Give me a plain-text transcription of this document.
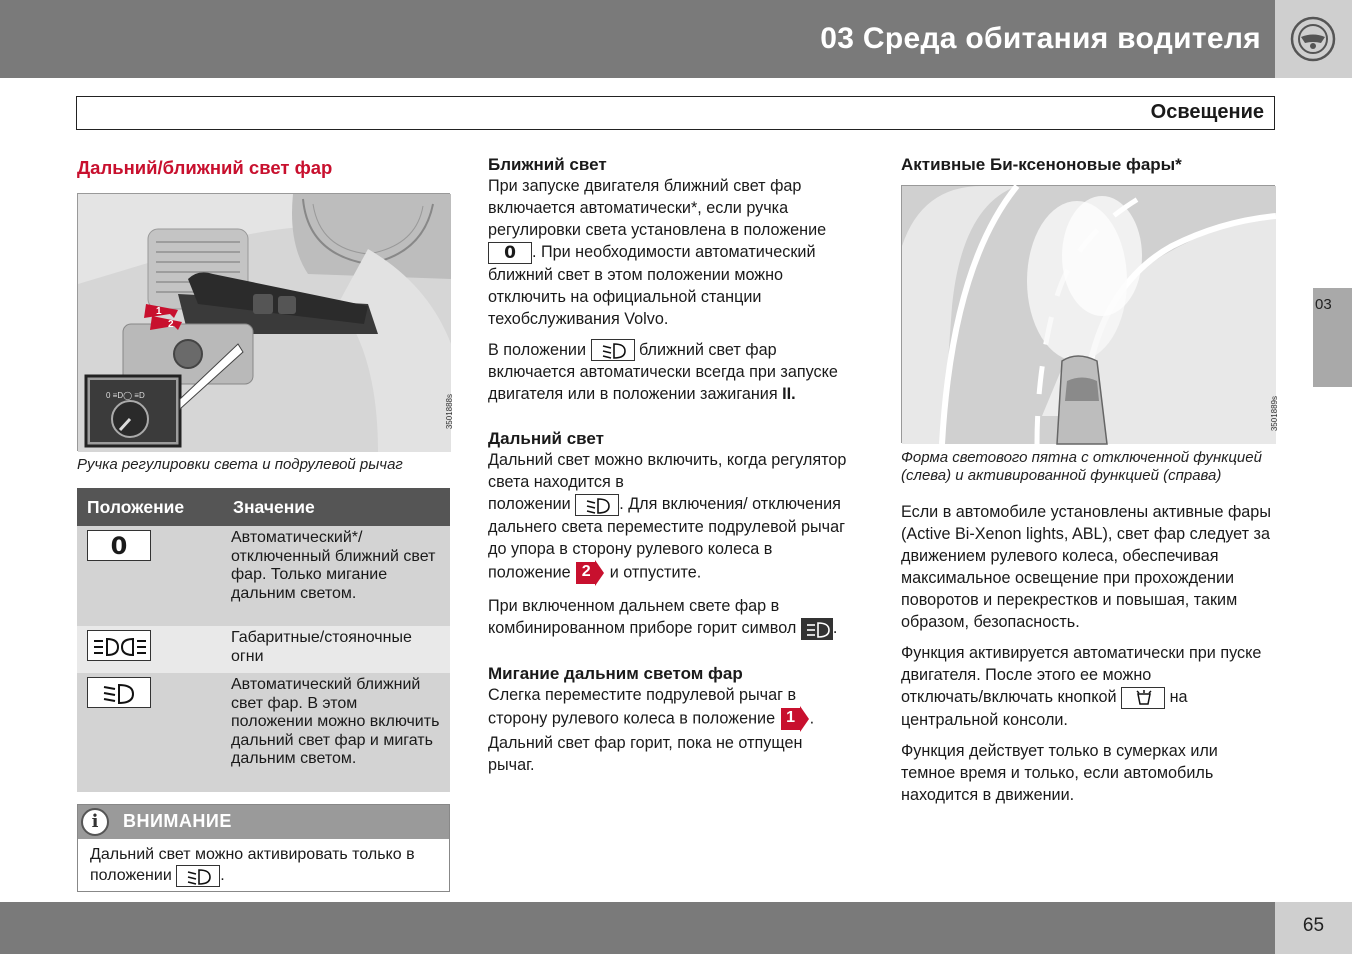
03 Среда обитания водителя
Освещение
03
Дальний/ближний свет фар
1
2
0 ≡D◯ ≡D	3501888s

Ручка регулировки света и подрулевой рычаг

Положение	Значение

0	Автоматический*/ отключенный ближний свет фар. Только мигание дальним светом.

	Габаритные/стояночные огни

	Автоматический ближний свет фар. В этом положении можно включить дальний свет фар и мигать дальним светом.
i	ВНИМАНИЕ

Дальний свет можно активировать только в положении	.

Ближний свет

При запуске двигателя ближний свет фар включается автоматически*, если ручка регулировки света установлена в положение
0 . При необходимости автоматический ближний свет в этом положении можно отключить на официальной станции техобслуживания Volvo.

В положении	ближний свет фар включается автоматически всегда при запуске двигателя или в положении зажигания II.

Дальний свет

Дальний свет можно включить, когда регулятор света находится в
положении	. Для включения/ отключения дальнего света переместите подрулевой рычаг до упора в сторону рулевого колеса в положение 2 и отпустите.

При включенном дальнем свете фар в комбинированном приборе горит символ .

Мигание дальним светом фар

Слегка переместите подрулевой рычаг в
сторону рулевого колеса в положение 1 . Дальний свет фар горит, пока не отпущен рычаг.

Активные Би-ксеноновые фары*
3501889s

Форма светового пятна с отключенной функцией (слева) и активированной функцией (справа)

Если в автомобиле установлены активные фары (Active Bi-Xenon lights, ABL), свет фар следует за движением рулевого колеса, обеспечивая максимальное освещение при прохождении поворотов и перекрестков и повышая, таким образом, безопасность.

Функция активируется автоматически при пуске двигателя. После этого ее можно
отключать/включать кнопкой	на центральной консоли.

Функция действует только в сумерках или темное время и только, если автомобиль находится в движении.

65
